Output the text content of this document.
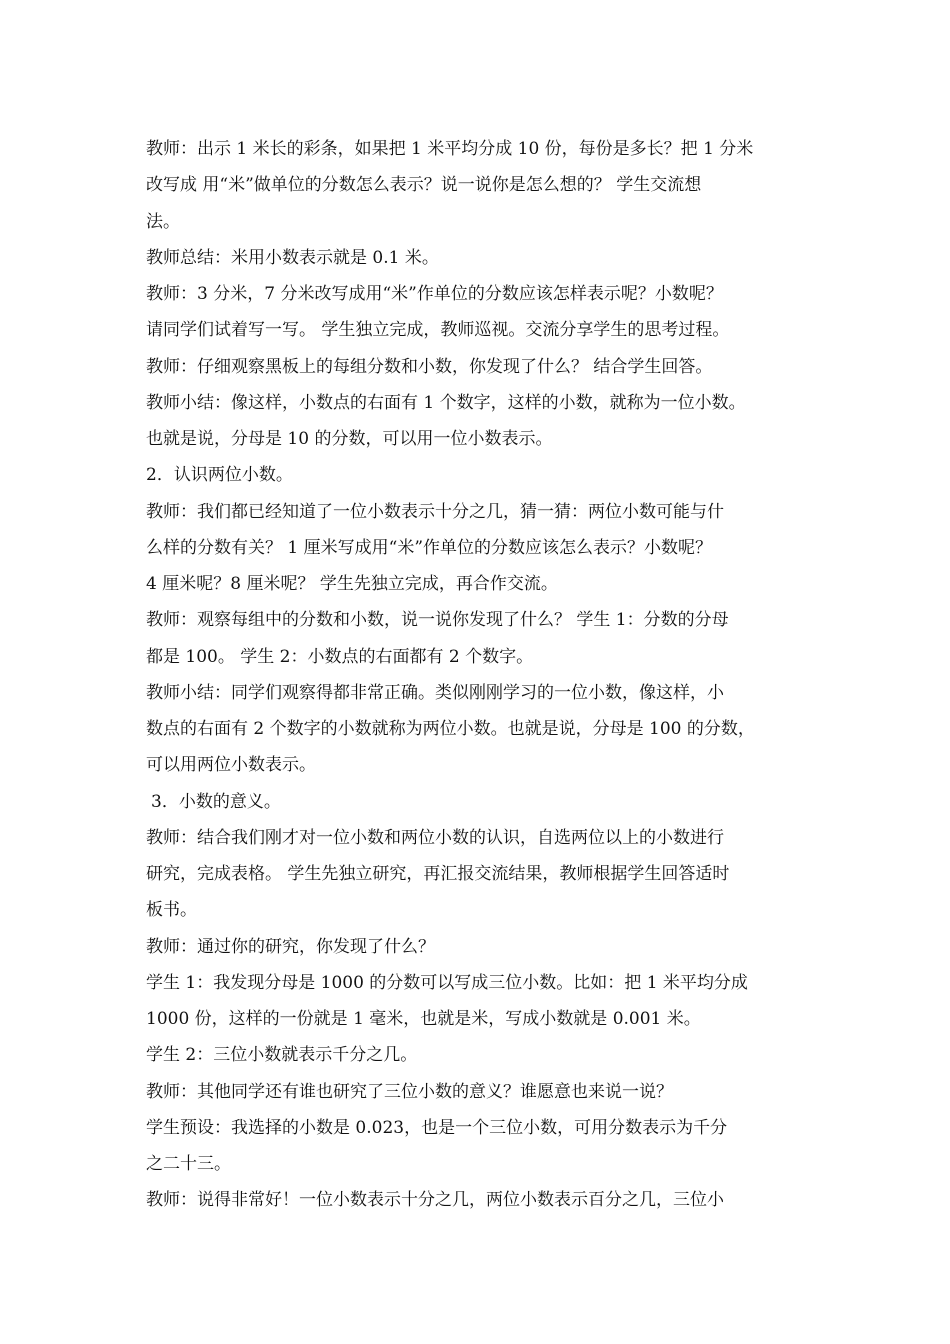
教师：出示 1 米长的彩条，如果把 1 米平均分成 10 份，每份是多长？把 1 分米
改写成 用“米”做单位的分数怎么表示？说一说你是怎么想的？ 学生交流想
法。
教师总结：米用小数表示就是 0.1 米。
教师：3 分米，7 分米改写成用“米”作单位的分数应该怎样表示呢？小数呢？
请同学们试着写一写。 学生独立完成，教师巡视。交流分享学生的思考过程。
教师：仔细观察黑板上的每组分数和小数，你发现了什么？ 结合学生回答。
教师小结：像这样，小数点的右面有 1 个数字，这样的小数，就称为一位小数。
也就是说，分母是 10 的分数，可以用一位小数表示。
2．认识两位小数。
教师：我们都已经知道了一位小数表示十分之几，猜一猜：两位小数可能与什
么样的分数有关？ 1 厘米写成用“米”作单位的分数应该怎么表示？小数呢？
4 厘米呢？8 厘米呢？ 学生先独立完成，再合作交流。
教师：观察每组中的分数和小数，说一说你发现了什么？ 学生 1：分数的分母
都是 100。 学生 2：小数点的右面都有 2 个数字。
教师小结：同学们观察得都非常正确。类似刚刚学习的一位小数，像这样，小
数点的右面有 2 个数字的小数就称为两位小数。也就是说，分母是 100 的分数，
可以用两位小数表示。
3．小数的意义。
教师：结合我们刚才对一位小数和两位小数的认识，自选两位以上的小数进行
研究，完成表格。 学生先独立研究，再汇报交流结果，教师根据学生回答适时
板书。
教师：通过你的研究，你发现了什么？
学生 1：我发现分母是 1000 的分数可以写成三位小数。比如：把 1 米平均分成
1000 份，这样的一份就是 1 毫米，也就是米，写成小数就是 0.001 米。
学生 2：三位小数就表示千分之几。
教师：其他同学还有谁也研究了三位小数的意义？谁愿意也来说一说？
学生预设：我选择的小数是 0.023，也是一个三位小数，可用分数表示为千分
之二十三。
教师：说得非常好！一位小数表示十分之几，两位小数表示百分之几，三位小
